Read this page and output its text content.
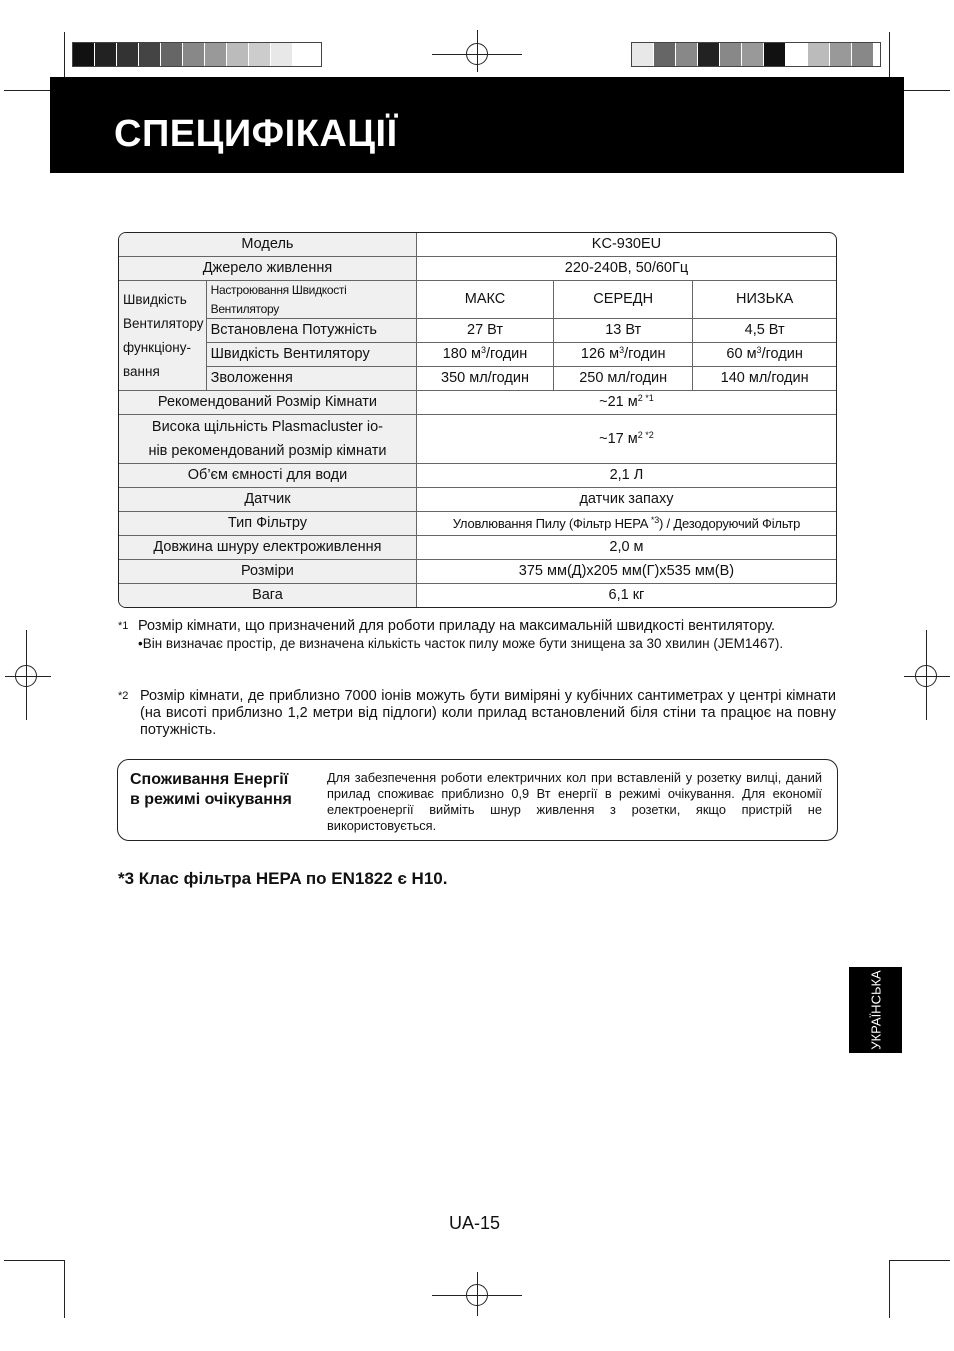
СПЕЦИФІКАЦІЇ
Модель		KC-930EU		
Джерело живлення		220-240В, 50/60Гц		
Швидкість
Вентилятору
функціону-
вання	Настроювання Швидкості Вентилятору	МАКС	СЕРЕДН	НИЗЬКА
	Встановлена Потужність	27 Вт	13 Вт	4,5 Вт
	Швидкість Вентилятору	180 $м^3$/годин	126 $м^3$/годин	60 $м^3$/годин
	Зволоження	350 мл/годин	250 мл/годин	140 мл/годин
Рекомендований Розмір Кімнати		~21 $м^{2 *1}$
Висока щільність Plasmacluster іо-
нів рекомендований розмір кімнати		~17 $м^{2 *2}$
Об’єм ємності для води		2,1 Л		
Датчик		датчик запаху		
Тип Фільтру		Уловлювання Пилу (Фільтр HEPA $^{*3}$) / Дезодоруючий Фільтр		
Довжина шнуру електроживлення		2,0 м		
Розміри		375 мм(Д)x205 мм(Г)x535 мм(В)		
Вага		6,1 кг		
*1 Розмір кімнати, що призначений для роботи приладу на максимальній швидкості вентилятору.
•Він визначає простір, де визначена кількість часток пилу може бути знищена за 30 хвилин (JEM1467).
*2 Розмір кімнати, де приблизно 7000 іонів можуть бути виміряні у кубічних сантиметрах у центрі кімнати (на висоті приблизно 1,2 метри від підлоги) коли прилад встановлений біля стіни та працює на повну потужність.
Споживання Енергії
в режимі очікування
Для забезпечення роботи електричних кол при вставленій у розетку вилці, даний прилад споживає приблизно 0,9 Вт енергії в режимі очікування. Для економії електроенергії вийміть шнур живлення з розетки, якщо пристрій не використовується.
*3 Клас фільтра HEPA по EN1822 є H10.
УКРАЇНСЬКА
UA-15
